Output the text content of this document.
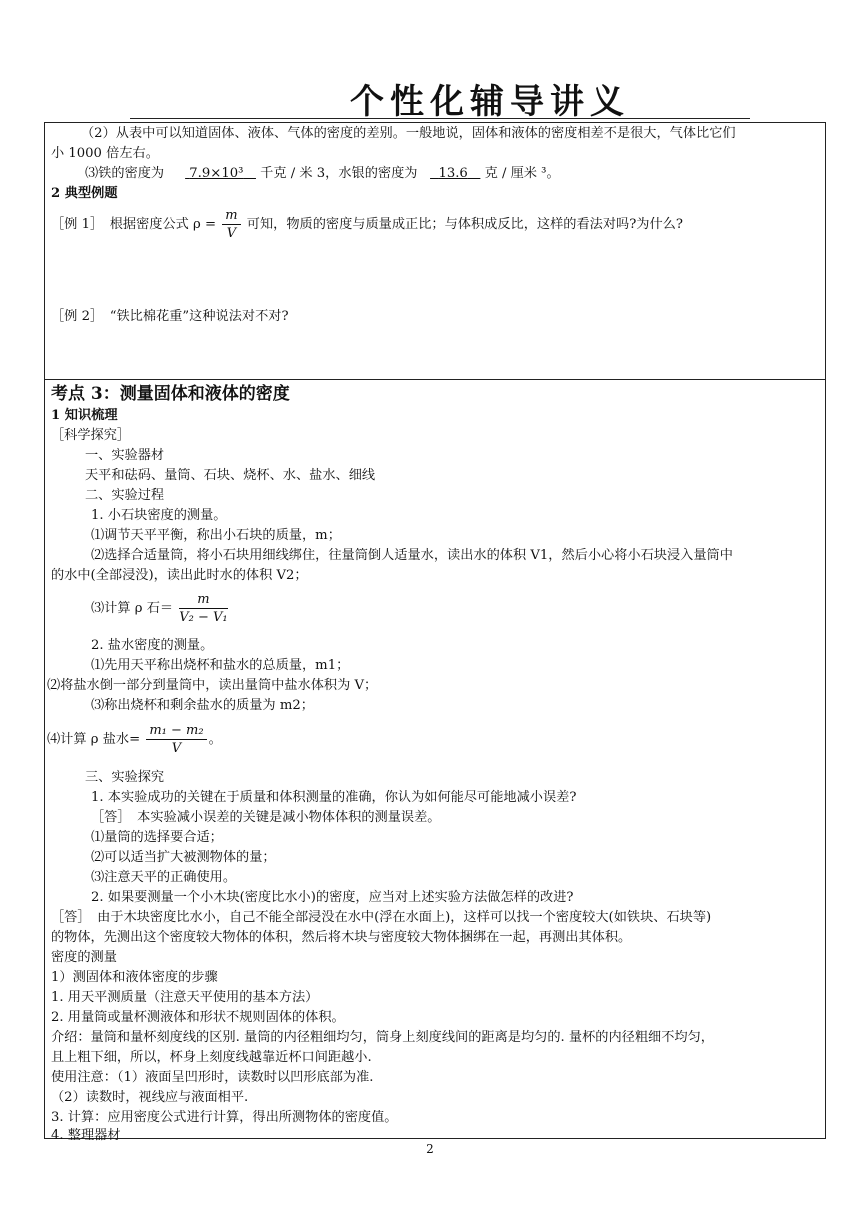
个性化辅导讲义
（2）从表中可以知道固体、液体、气体的密度的差别。一般地说，固体和液体的密度相差不是很大，气体比它们
小 1000 倍左右。
⑶铁的密度为 7.9×10³ 千克 / 米 3，水银的密度为 13.6 克 / 厘米 ³。
2 典型例题
［例 1］　根据密度公式 $\rho = \frac{m}{V}$ 可知，物质的密度与质量成正比；与体积成反比，这样的看法对吗?为什么?
［例 2］　“铁比棉花重”这种说法对不对?
考点 3：测量固体和液体的密度
1 知识梳理
［科学探究］
一、实验器材
天平和砝码、量筒、石块、烧杯、水、盐水、细线
二、实验过程
1. 小石块密度的测量。
⑴调节天平平衡，称出小石块的质量，m；
⑵选择合适量筒，将小石块用细线绑住，往量筒倒人适量水，读出水的体积 V1，然后小心将小石块浸入量筒中
的水中(全部浸没)，读出此时水的体积 V2；
⑶计算 ρ 石＝ $\frac{m}{\text{V₂ − V₁}}$
2. 盐水密度的测量。
⑴先用天平称出烧杯和盐水的总质量，m1；
⑵将盐水倒一部分到量筒中，读出量筒中盐水体积为 V；
⑶称出烧杯和剩余盐水的质量为 m2；
⑷计算 ρ 盐水= $\frac{\text{m₁ − m₂}}{V}$ 。
三、实验探究
1. 本实验成功的关键在于质量和体积测量的准确，你认为如何能尽可能地减小误差?
［答］　本实验减小误差的关键是减小物体体积的测量误差。
⑴量筒的选择要合适；
⑵可以适当扩大被测物体的量；
⑶注意天平的正确使用。
2. 如果要测量一个小木块(密度比水小)的密度，应当对上述实验方法做怎样的改进?
［答］　由于木块密度比水小，自己不能全部浸没在水中(浮在水面上)，这样可以找一个密度较大(如铁块、石块等)
的物体，先测出这个密度较大物体的体积，然后将木块与密度较大物体捆绑在一起，再测出其体积。
密度的测量
1）测固体和液体密度的步骤
1. 用天平测质量（注意天平使用的基本方法）
2. 用量筒或量杯测液体和形状不规则固体的体积。
介绍：量筒和量杯刻度线的区别. 量筒的内径粗细均匀，筒身上刻度线间的距离是均匀的. 量杯的内径粗细不均匀，
且上粗下细，所以，杯身上刻度线越靠近杯口间距越小.
使用注意：（1）液面呈凹形时，读数时以凹形底部为准.
（2）读数时，视线应与液面相平.
3. 计算：应用密度公式进行计算，得出所测物体的密度值。
4. 整理器材
2
